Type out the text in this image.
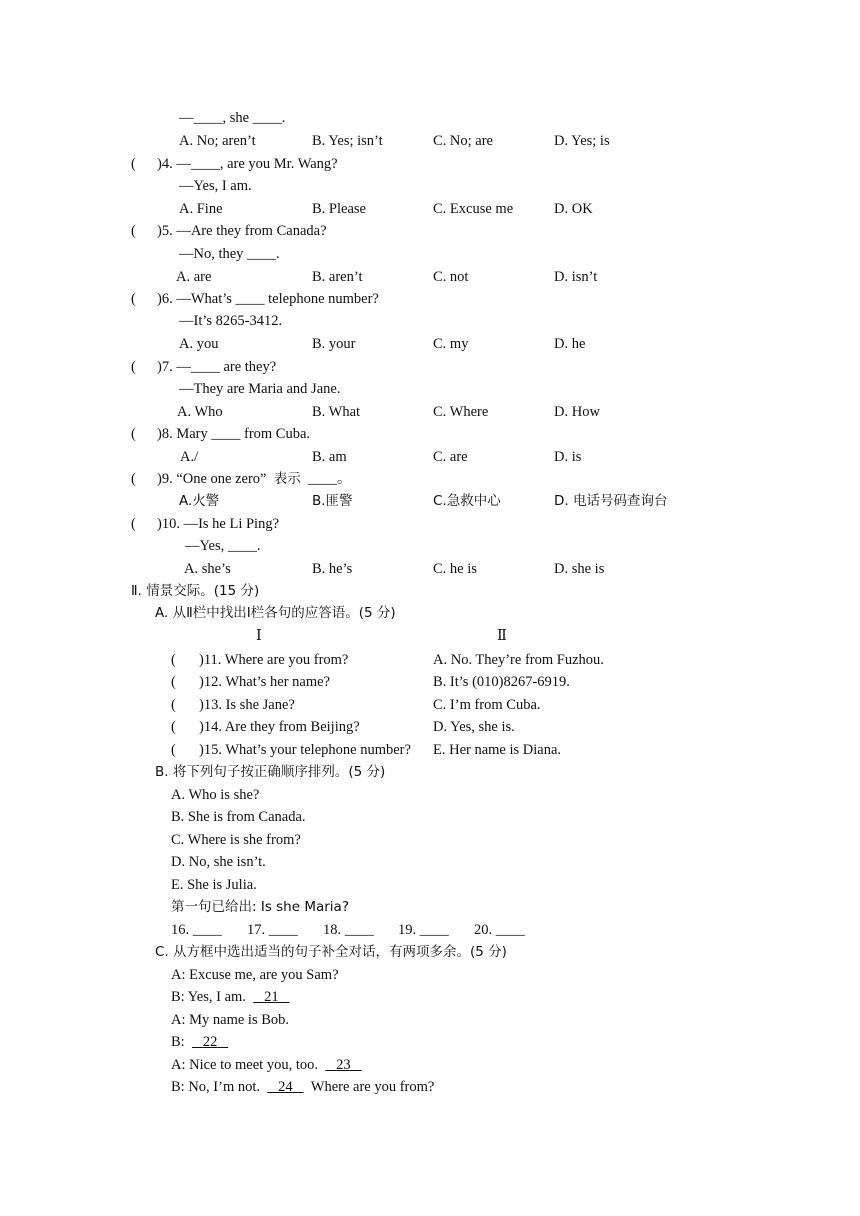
—____, she ____.
A. No; aren’t	B. Yes; isn’t	C. No; are	D. Yes; is
( )4. —____, are you Mr. Wang?
—Yes, I am.
A. Fine	B. Please	C. Excuse me	D. OK
( )5. —Are they from Canada?
—No, they ____.
A. are	B. aren’t	C. not	D. isn’t
( )6. —What’s ____ telephone number?
—It’s 8265-3412.
A. you	B. your	C. my	D. he
( )7. —____ are they?
—They are Maria and Jane.
A. Who	B. What	C. Where	D. How
( )8. Mary ____ from Cuba.
A./	B. am	C. are	D. is
( )9. “One one zero” 表示 ____。
A.火警	B.匪警	C.急救中心	D. 电话号码查询台
( )10. —Is he Li Ping?
—Yes, ____.
A. she’s	B. he’s	C. he is	D. she is
Ⅱ. 情景交际。(15 分)
A. 从Ⅱ栏中找出Ⅰ栏各句的应答语。(5 分)
Ⅰ	Ⅱ
( )11. Where are you from?	A. No. They’re from Fuzhou.
( )12. What’s her name?	B. It’s (010)8267-6919.
( )13. Is she Jane?	C. I’m from Cuba.
( )14. Are they from Beijing?	D. Yes, she is.
( )15. What’s your telephone number? E. Her name is Diana.
B. 将下列句子按正确顺序排列。(5 分)
A. Who is she?
B. She is from Canada.
C. Where is she from?
D. No, she isn’t.
E. She is Julia.
第一句已给出: Is she Maria?
16. ____ 17. ____ 18. ____ 19. ____ 20. ____
C. 从方框中选出适当的句子补全对话，有两项多余。(5 分)
A: Excuse me, are you Sam?
B: Yes, I am. 21
A: My name is Bob.
B: 22
A: Nice to meet you, too. 23
B: No, I’m not. 24 Where are you from?
